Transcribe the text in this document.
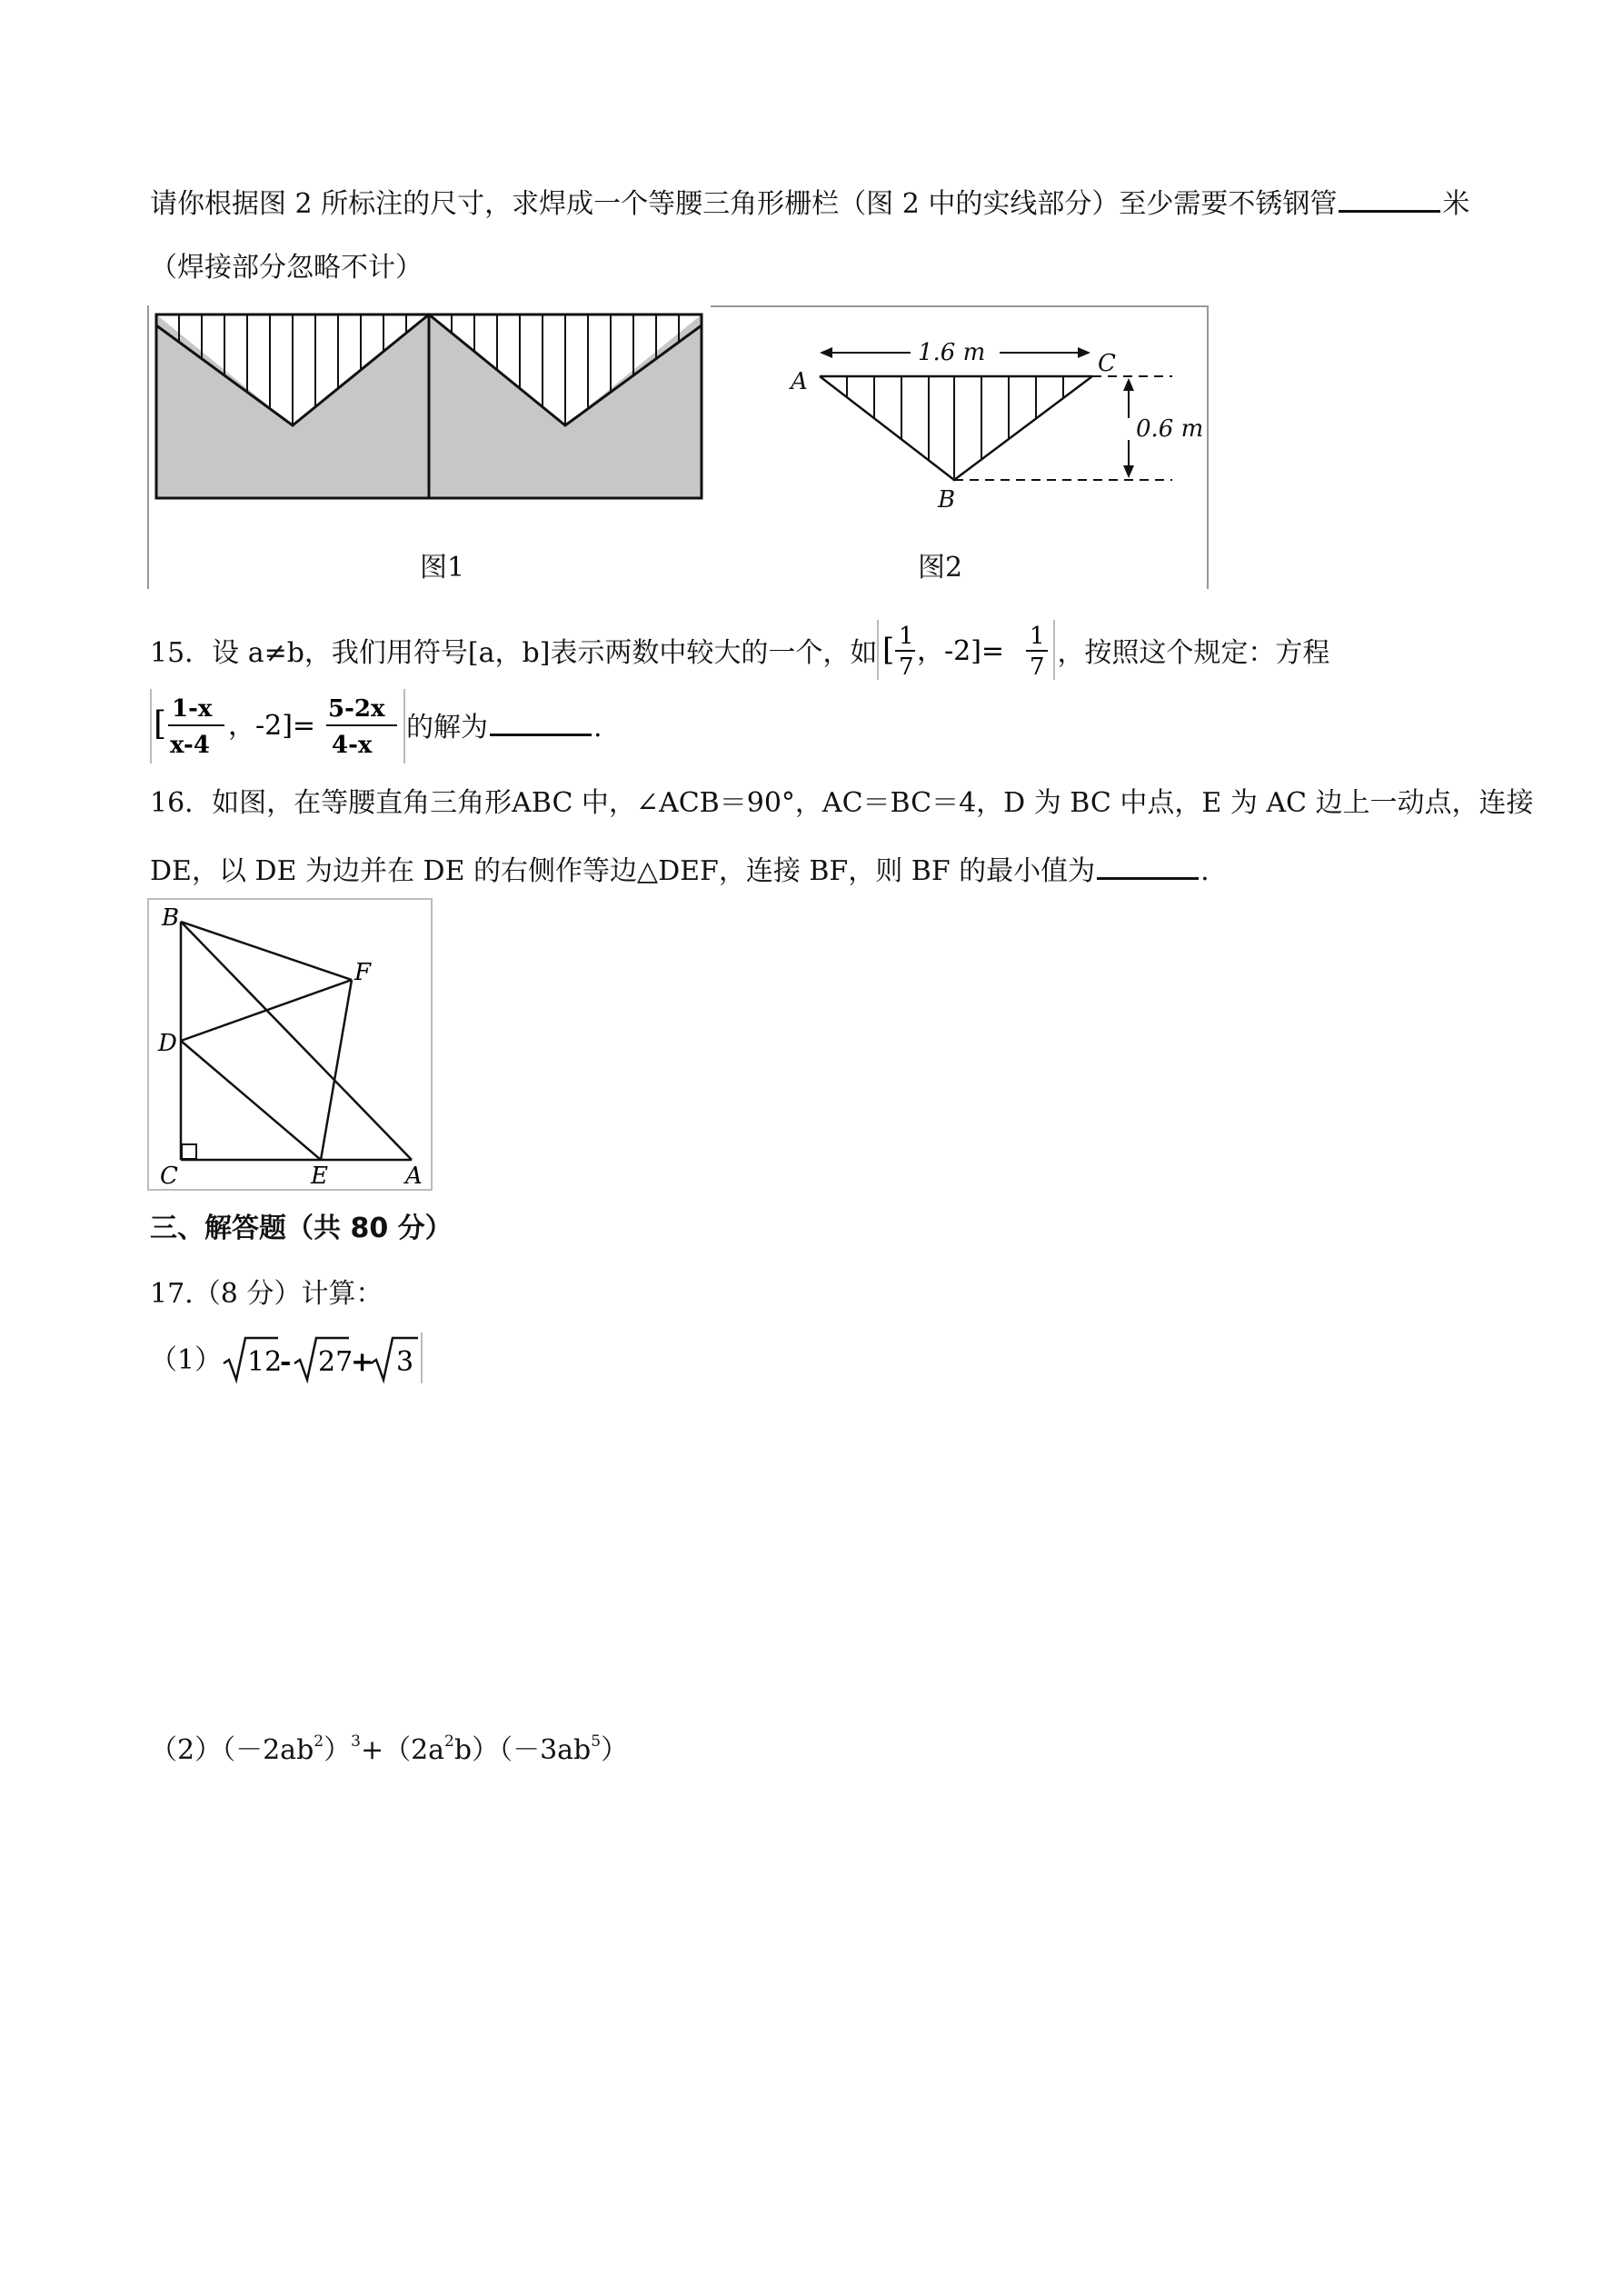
请你根据图 2 所标注的尺寸，求焊成一个等腰三角形栅栏（图 2 中的实线部分）至少需要不锈钢管	米
（焊接部分忽略不计）
图1
1.6 m
0.6 m
A
C
B
图2
15．设 a≠b，我们用符号[a，b]表示两数中较大的一个，如 [ 1
7 ，-2]= 1
7 ，按照这个规定：方程
[ 1-x
x-4
，-2]=
5-2x
4-x
的解为	.
16．如图，在等腰直角三角形ABC 中，∠ACB＝90°，AC＝BC＝4，D 为 BC 中点，E 为 AC 边上一动点，连接
DE，以 DE 为边并在 DE 的右侧作等边△DEF，连接 BF，则 BF 的最小值为	.
B
F
D
C	E	A
三、解答题（共 80 分）
17.（8 分）计算：
（1） 12
- 27
+ 3
$(2)(-2ab^2)^3+(2a^2b)(-3ab^5)$
